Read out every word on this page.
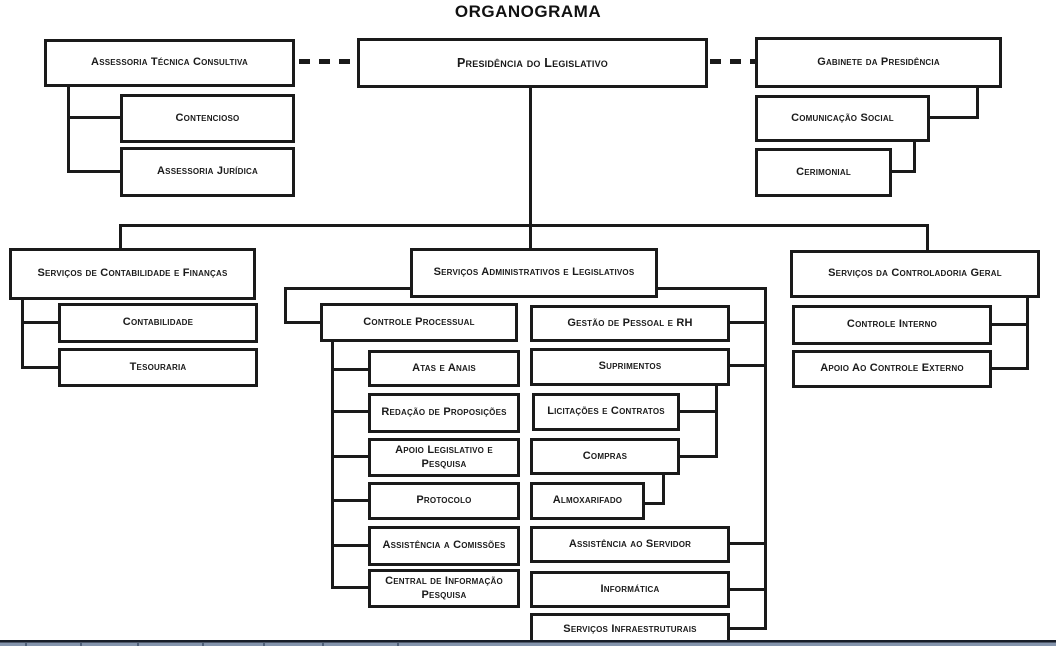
ORGANOGRAMA
Presidência do Legislativo
Assessoria Técnica Consultiva
Contencioso
Assessoria Jurídica
Gabinete da Presidência
Comunicação Social
Cerimonial
Serviços de Contabilidade e Finanças
Contabilidade
Tesouraria
Serviços Administrativos e Legislativos
Controle Processual
Atas e Anais
Redação de Proposições
Apoio Legislativo e Pesquisa
Protocolo
Assistência a Comissões
Central de Informação Pesquisa
Gestão de Pessoal e RH
Suprimentos
Licitações e Contratos
Compras
Almoxarifado
Assistência ao Servidor
Informática
Serviços Infraestruturais
Serviços da Controladoria Geral
Controle Interno
Apoio Ao Controle Externo
